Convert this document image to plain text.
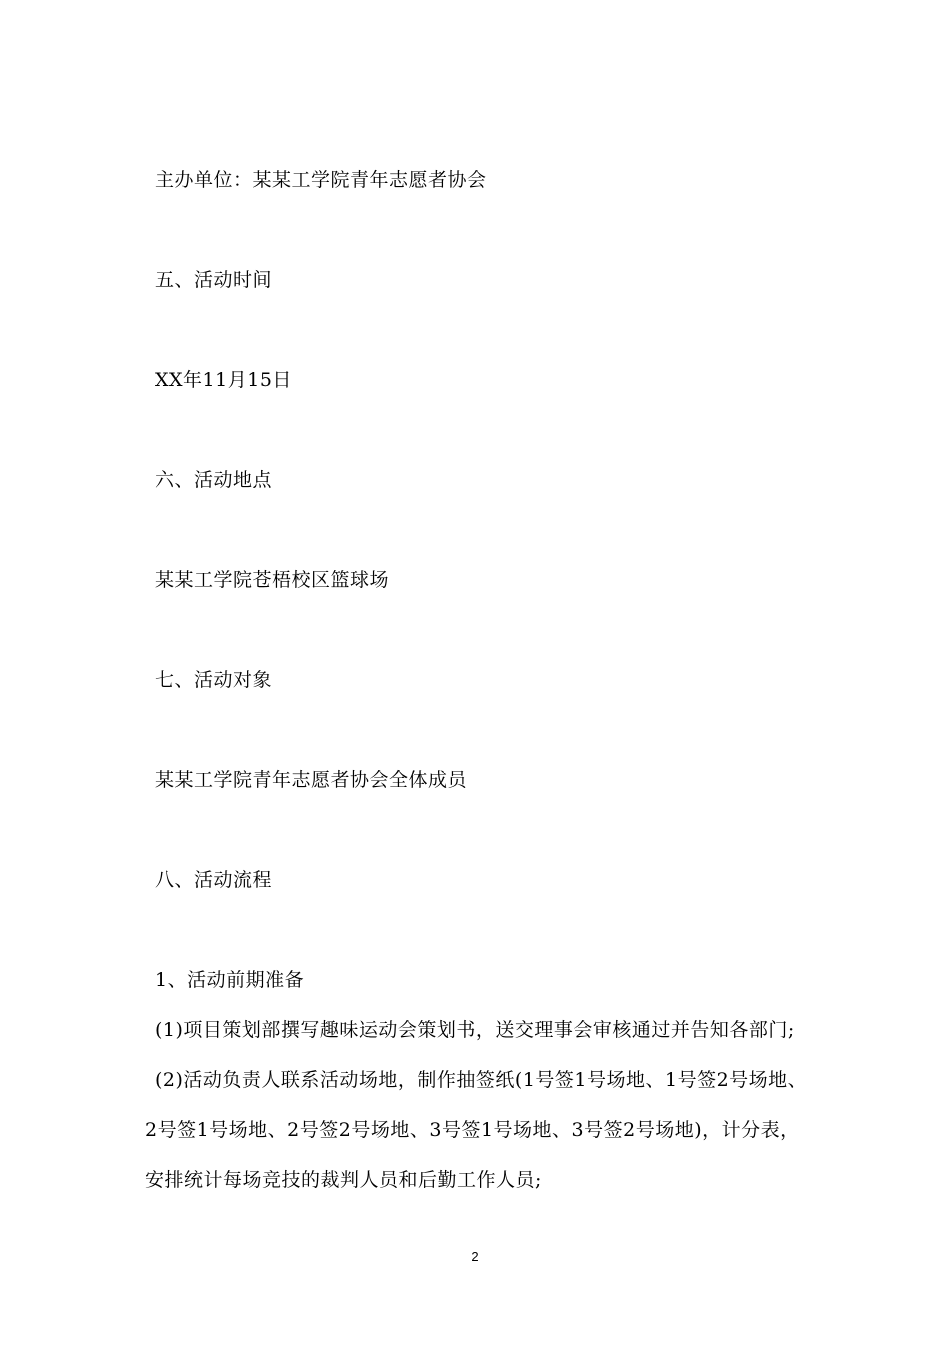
主办单位：某某工学院青年志愿者协会
五、活动时间
XX年11月15日
六、活动地点
某某工学院苍梧校区篮球场
七、活动对象
某某工学院青年志愿者协会全体成员
八、活动流程
1、活动前期准备
(1)项目策划部撰写趣味运动会策划书，送交理事会审核通过并告知各部门;
(2)活动负责人联系活动场地，制作抽签纸(1号签1号场地、1号签2号场地、
2号签1号场地、2号签2号场地、3号签1号场地、3号签2号场地)，计分表，
安排统计每场竞技的裁判人员和后勤工作人员;
2
